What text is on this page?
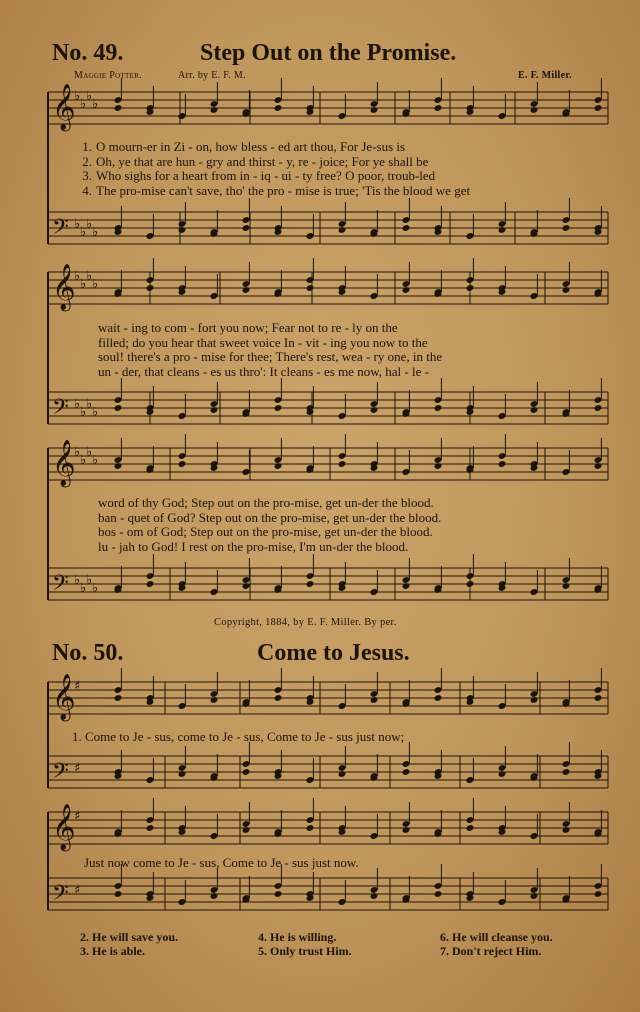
𝄞
𝄢
♭
♭
♭
♭
♭
♭
♭
♭
𝄞
𝄢
♭
♭
♭
♭
♭
♭
♭
♭
𝄞
𝄢
♭
♭
♭
♭
♭
♭
♭
♭
𝄞
𝄢
♯
♯
𝄞
𝄢
♯
♯
No. 49.	Step Out on the Promise.
Maggie Potter.	Arr. by E. F. M.	E. F. Miller.
1. O mourn-er in Zi - on, how bless - ed art thou, For Je-sus is
2. Oh, ye that are hun - gry and thirst - y, re - joice; For ye shall be
3. Who sighs for a heart from in - iq - ui - ty free? O poor, troub-led
4. The pro-mise can't save, tho' the pro - mise is true; 'Tis the blood we get
wait - ing to com - fort you now; Fear not to re - ly on the
filled; do you hear that sweet voice In - vit - ing you now to the
soul! there's a pro - mise for thee; There's rest, wea - ry one, in the
un - der, that cleans - es us thro': It cleans - es me now, hal - le -
word of thy God; Step out on the pro-mise, get un-der the blood.
ban - quet of God? Step out on the pro-mise, get un-der the blood.
bos - om of God; Step out on the pro-mise, get un-der the blood.
lu - jah to God! I rest on the pro-mise, I'm un-der the blood.
Copyright, 1884, by E. F. Miller. By per.
No. 50.	Come to Jesus.
1. Come to Je - sus, come to Je - sus, Come to Je - sus just now;
Just now come to Je - sus, Come to Je - sus just now.
2. He will save you.
3. He is able.
4. He is willing.
5. Only trust Him.
6. He will cleanse you.
7. Don't reject Him.
